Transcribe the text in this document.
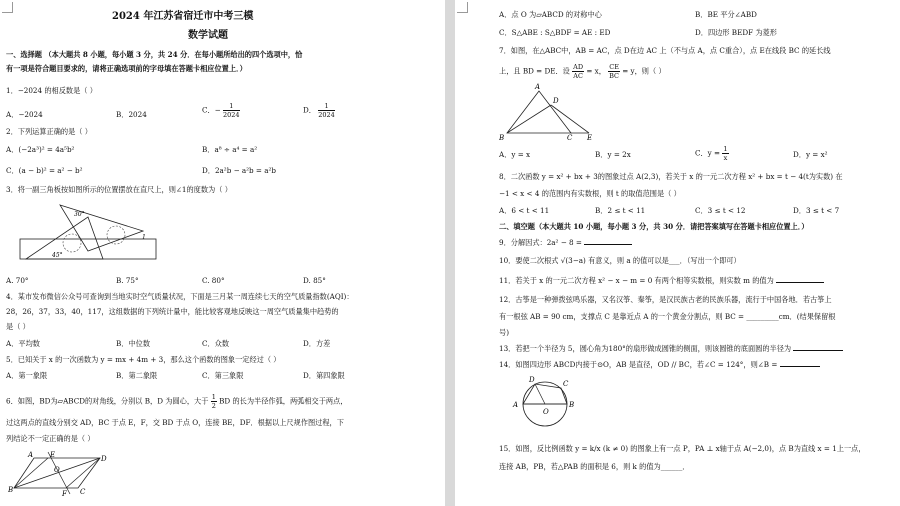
2024 年江苏省宿迁市中考三模
数学试题
一、选择题 （本大题共 8 小题，每小题 3 分，共 24 分．在每小题所给出的四个选项中，恰
有一项是符合题目要求的，请将正确选项前的字母填在答题卡相应位置上．）
1．−2024 的相反数是（ ）
A．−2024	B．2024	C．− $\frac{1}{2024}$	D． $\frac{1}{2024}$
2．下列运算正确的是（ ）
A．(−2a³)² = 4a⁵b²	B．a⁸ ÷ a⁴ = a²
C．(a − b)² = a² − b²	D．2a²b − a²b = a²b
3．将一副三角板按如图所示的位置摆放在直尺上，则∠1的度数为（ ）
30°
45°
1
A. 70°	B. 75°	C. 80°	D. 85°
4．某市发布微信公众号可查询到当地实时空气质量状况，下面是三月某一周连续七天的空气质量指数(AQI)：
28，26，37，33，40，117，这组数据的下列统计量中，能比较客观地反映这一周空气质量集中趋势的
是（ ）
A．平均数	B．中位数	C．众数	D．方差
5．已知关于 x 的一次函数为 y = mx + 4m + 3，那么这个函数的图象一定经过（ ）
A．第一象限	B．第二象限	C．第三象限	D．第四象限
6．如图，BD为▱ABCD的对角线，分别以 B，D 为圆心，大于 $\frac{1}{2}$ BD 的长为半径作弧，两弧相交于两点，
过这两点的直线分别交 AD，BC 于点 E，F，交 BD 于点 O，连接 BE，DF．根据以上尺规作图过程，下
列结论不一定正确的是（ ）
A E	D
O
B	F C
A．点 O 为▱ABCD 的对称中心	B．BE 平分∠ABD
C．S△ABE : S△BDF = AE : ED	D．四边形 BEDF 为菱形
7．如图，在△ABC中，AB = AC，点 D在边 AC 上（不与点 A，点 C重合），点 E在线段 BC 的延长线
上，且 BD = DE．设 $\frac{AD}{AC} = x$， $\frac{CE}{BC} = y$，则（ ）
A
D
B	C E
A．y = x	B．y = 2x	C．$y = \frac{1}{x}$	D．y = x²
8．二次函数 y = x² + bx + 3的图象过点 A(2,3)，若关于 x 的一元二次方程 x² + bx = t − 4(t为实数) 在
−1 < x < 4 的范围内有实数根，则 t 的取值范围是（ ）
A．6 < t < 11	B．2 ≤ t < 11	C．3 ≤ t < 12	D．3 ≤ t < 7
二、填空题（本大题共 10 小题，每小题 3 分，共 30 分．请把答案填写在答题卡相应位置上．）
9．分解因式：2a² − 8 =
10．要使二次根式 √(3−a) 有意义，则 a 的值可以是___．（写出一个即可）
11．若关于 x 的一元二次方程 x² − x − m = 0 有两个相等实数根，则实数 m 的值为
12．古筝是一种弹拨弦鸣乐器，又名汉筝、秦筝，是汉民族古老的民族乐器，流行于中国各地．若古筝上
有一根弦 AB = 90 cm，支撑点 C 是靠近点 A 的一个黄金分割点，则 BC = _________cm．(结果保留根
号)
13．若把一个半径为 5，圆心角为180°的扇形做成圆锥的侧面，则该圆锥的底面圆的半径为
14．如图四边形 ABCD内接于⊙O，AB 是直径，OD // BC，若∠C = 124°，则∠B =
D	C
A	B
O
15．如图，反比例函数 y = k/x (k ≠ 0) 的图象上有一点 P，PA ⊥ x轴于点 A(−2,0)，点 B为直线 x = 1上一点，
连接 AB，PB，若△PAB 的面积是 6，则 k 的值为______．
